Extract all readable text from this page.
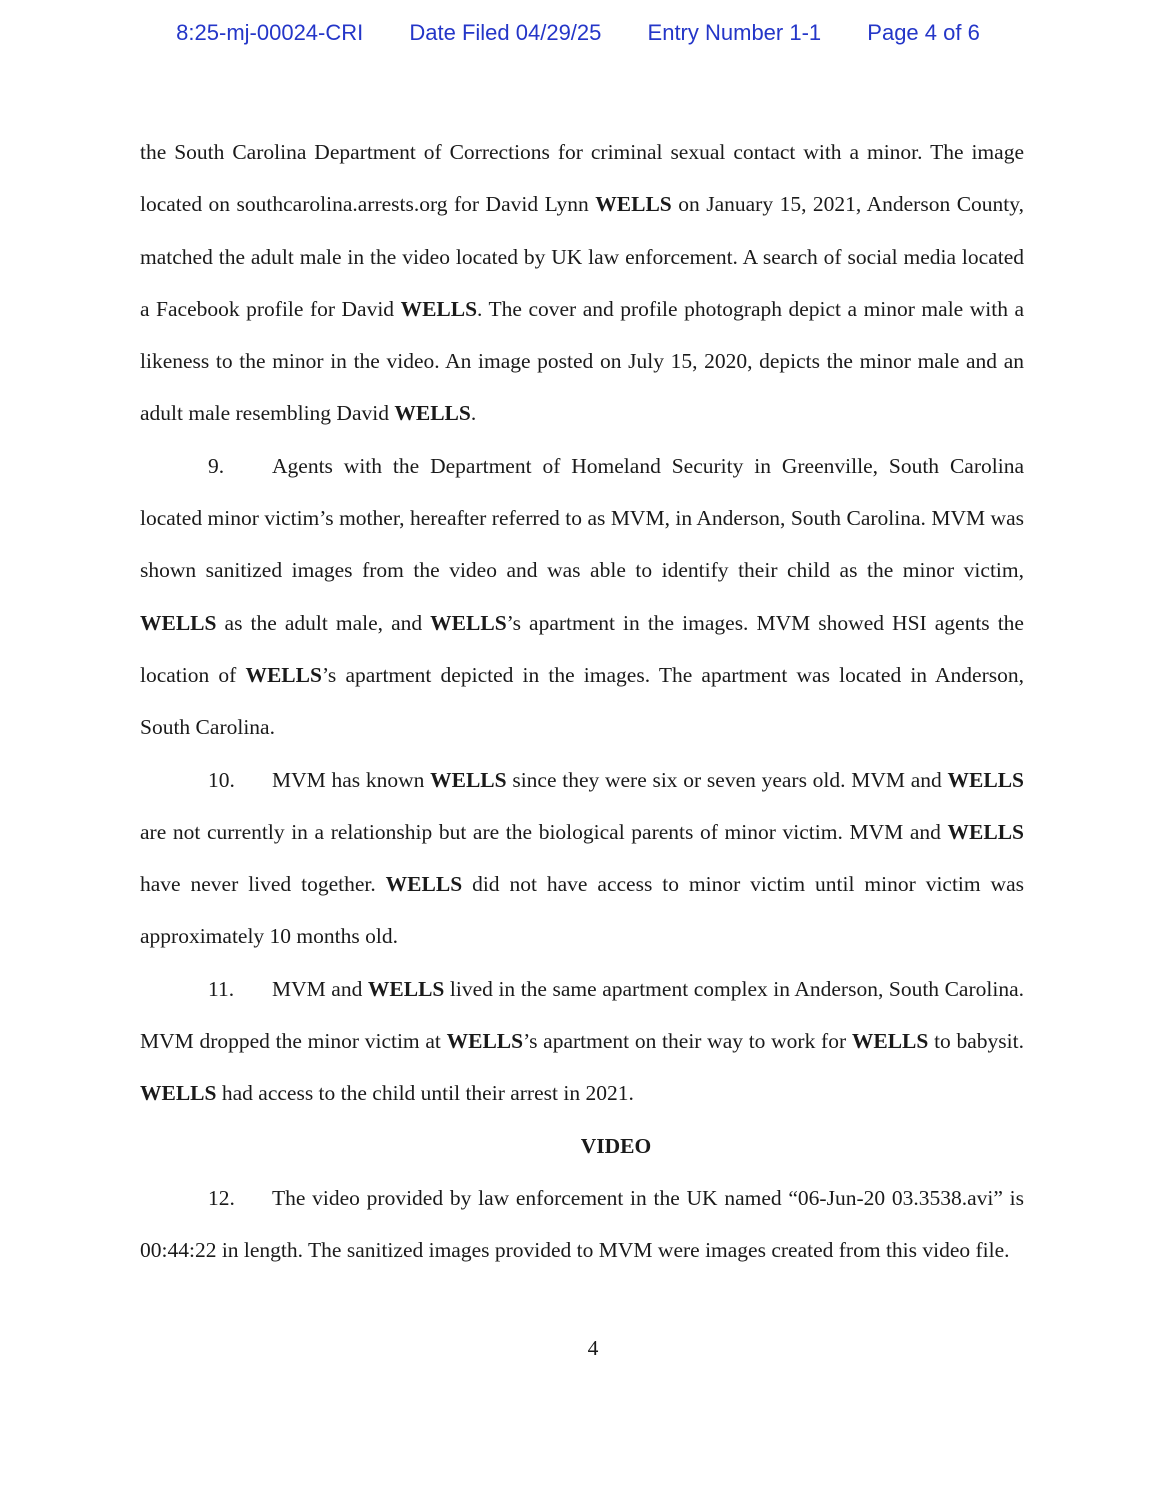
8:25-mj-00024-CRI Date Filed 04/29/25 Entry Number 1-1 Page 4 of 6

the South Carolina Department of Corrections for criminal sexual contact with a minor. The image located on southcarolina.arrests.org for David Lynn WELLS on January 15, 2021, Anderson County, matched the adult male in the video located by UK law enforcement. A search of social media located a Facebook profile for David WELLS. The cover and profile photograph depict a minor male with a likeness to the minor in the video. An image posted on July 15, 2020, depicts the minor male and an adult male resembling David WELLS.

9. Agents with the Department of Homeland Security in Greenville, South Carolina located minor victim’s mother, hereafter referred to as MVM, in Anderson, South Carolina. MVM was shown sanitized images from the video and was able to identify their child as the minor victim, WELLS as the adult male, and WELLS’s apartment in the images. MVM showed HSI agents the location of WELLS’s apartment depicted in the images. The apartment was located in Anderson, South Carolina.

10. MVM has known WELLS since they were six or seven years old. MVM and WELLS are not currently in a relationship but are the biological parents of minor victim. MVM and WELLS have never lived together. WELLS did not have access to minor victim until minor victim was approximately 10 months old.

11. MVM and WELLS lived in the same apartment complex in Anderson, South Carolina. MVM dropped the minor victim at WELLS’s apartment on their way to work for WELLS to babysit. WELLS had access to the child until their arrest in 2021.

VIDEO

12. The video provided by law enforcement in the UK named “06-Jun-20 03.3538.avi” is 00:44:22 in length. The sanitized images provided to MVM were images created from this video file.

4
